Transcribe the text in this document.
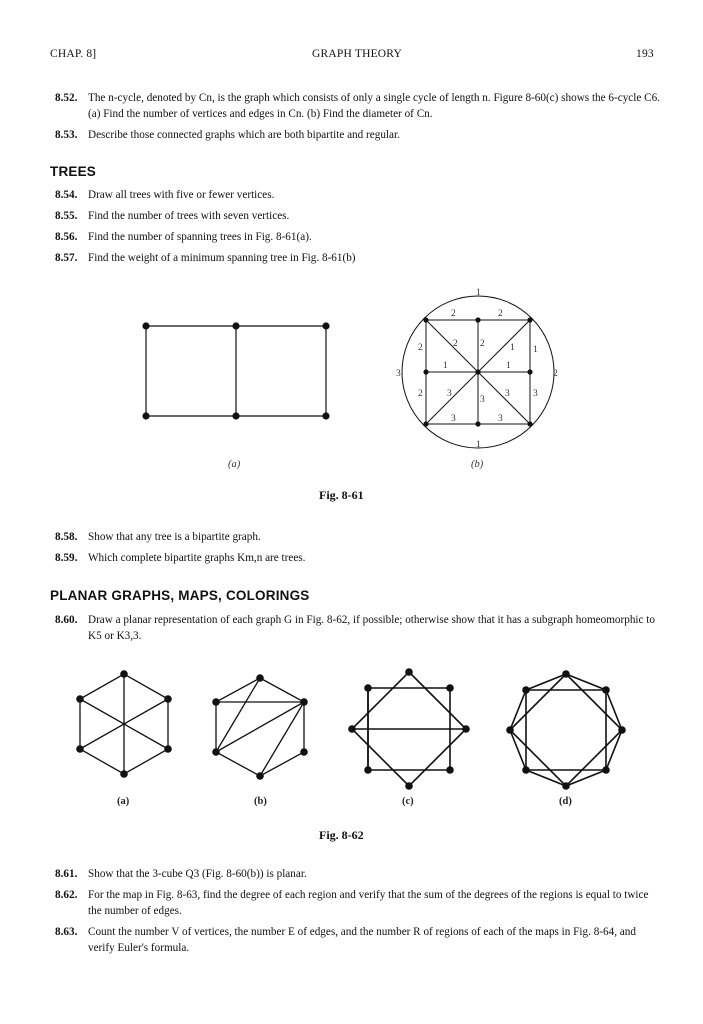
CHAP. 8]	GRAPH THEORY	193
8.52. The n-cycle, denoted by Cn, is the graph which consists of only a single cycle of length n. Figure 8-60(c) shows the 6-cycle C6. (a) Find the number of vertices and edges in Cn. (b) Find the diameter of Cn.
8.53. Describe those connected graphs which are both bipartite and regular.
TREES
8.54. Draw all trees with five or fewer vertices.
8.55. Find the number of trees with seven vertices.
8.56. Find the number of spanning trees in Fig. 8-61(a).
8.57. Find the weight of a minimum spanning tree in Fig. 8-61(b)
1
2	2
2	2 2	1 1
3
1	1
2
2	3
3
3 3
3	3
1
(a)	(b)
Fig. 8-61
8.58. Show that any tree is a bipartite graph.
8.59. Which complete bipartite graphs Km,n are trees.
PLANAR GRAPHS, MAPS, COLORINGS
8.60. Draw a planar representation of each graph G in Fig. 8-62, if possible; otherwise show that it has a subgraph homeomorphic to K5 or K3,3.
(a)	(b)	(c)	(d)
Fig. 8-62
8.61. Show that the 3-cube Q3 (Fig. 8-60(b)) is planar.
8.62. For the map in Fig. 8-63, find the degree of each region and verify that the sum of the degrees of the regions is equal to twice the number of edges.
8.63. Count the number V of vertices, the number E of edges, and the number R of regions of each of the maps in Fig. 8-64, and verify Euler's formula.
